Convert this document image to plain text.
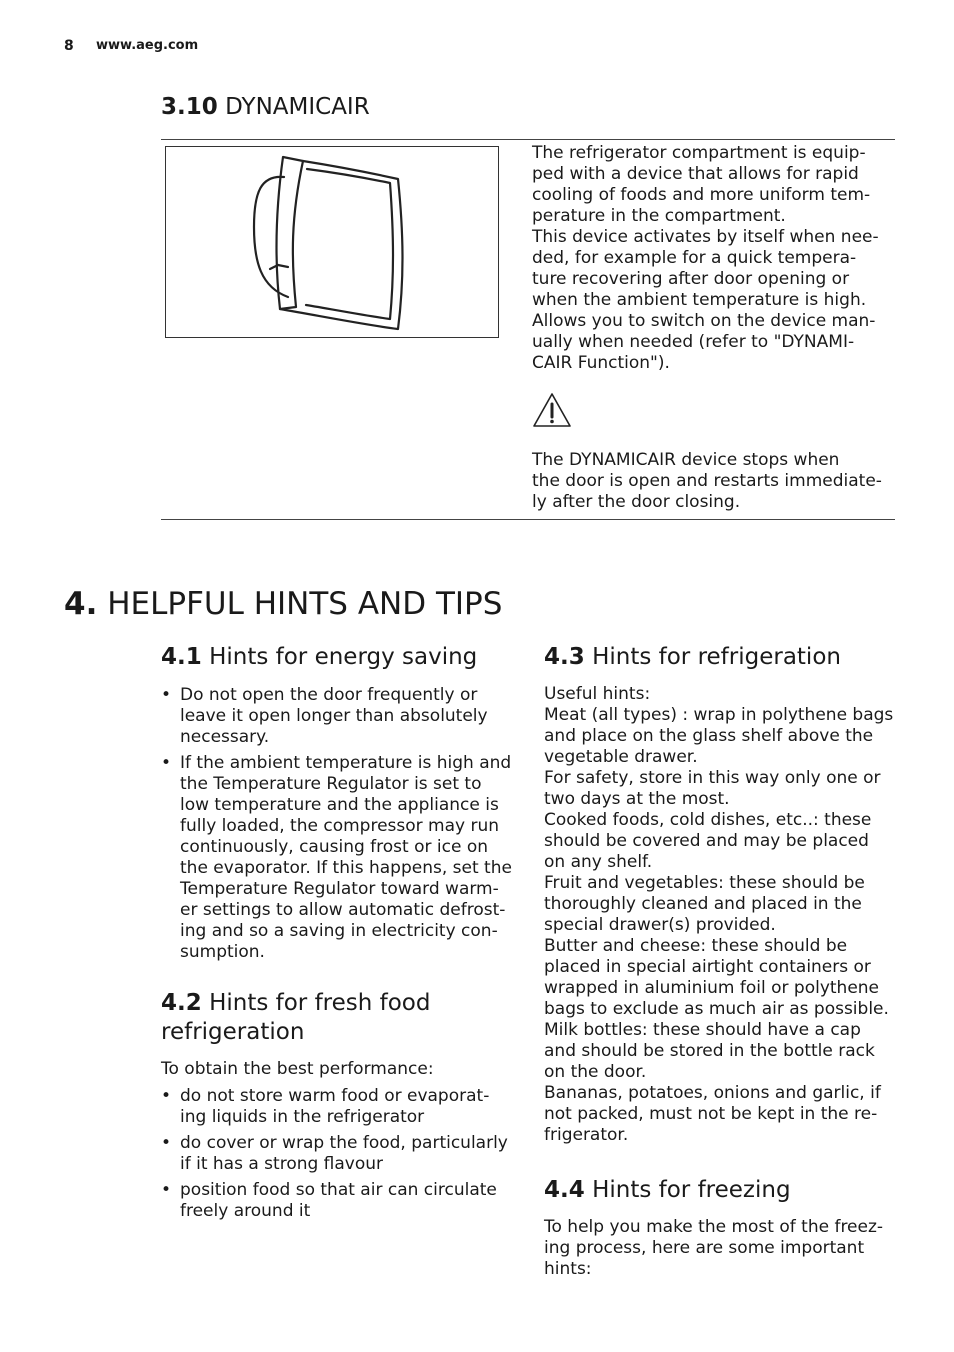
8 www.aeg.com
3.10 DYNAMICAIR

The refrigerator compartment is equip-
ped with a device that allows for rapid
cooling of foods and more uniform tem-
perature in the compartment.
This device activates by itself when nee-
ded, for example for a quick tempera-
ture recovering after door opening or
when the ambient temperature is high.
Allows you to switch on the device man-
ually when needed (refer to "DYNAMI-
CAIR Function").

The DYNAMICAIR device stops when
the door is open and restarts immediate-
ly after the door closing.

4. HELPFUL HINTS AND TIPS
4.1 Hints for energy saving
• Do not open the door frequently or
leave it open longer than absolutely
necessary.
• If the ambient temperature is high and
the Temperature Regulator is set to
low temperature and the appliance is
fully loaded, the compressor may run
continuously, causing frost or ice on
the evaporator. If this happens, set the
Temperature Regulator toward warm-
er settings to allow automatic defrost-
ing and so a saving in electricity con-
sumption.
4.2 Hints for fresh food
refrigeration

To obtain the best performance:

• do not store warm food or evaporat-
ing liquids in the refrigerator
• do cover or wrap the food, particularly
if it has a strong flavour
• position food so that air can circulate
freely around it
4.3 Hints for refrigeration

Useful hints:
Meat (all types) : wrap in polythene bags
and place on the glass shelf above the
vegetable drawer.
For safety, store in this way only one or
two days at the most.
Cooked foods, cold dishes, etc..: these
should be covered and may be placed
on any shelf.
Fruit and vegetables: these should be
thoroughly cleaned and placed in the
special drawer(s) provided.
Butter and cheese: these should be
placed in special airtight containers or
wrapped in aluminium foil or polythene
bags to exclude as much air as possible.
Milk bottles: these should have a cap
and should be stored in the bottle rack
on the door.
Bananas, potatoes, onions and garlic, if
not packed, must not be kept in the re-
frigerator.

4.4 Hints for freezing

To help you make the most of the freez-
ing process, here are some important
hints:
